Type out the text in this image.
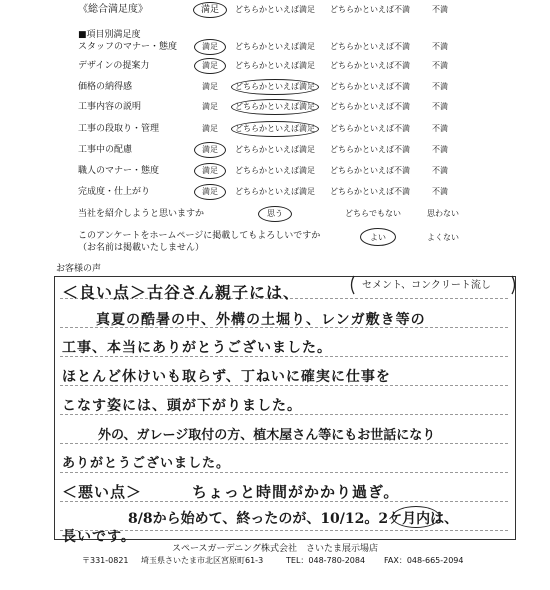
《総合満足度》	満足	どちらかといえば満足	どちらかといえば不満	不満
■項目別満足度
スタッフのマナー・態度	満足	どちらかといえば満足	どちらかといえば不満	不満
デザインの提案力	満足	どちらかといえば満足	どちらかといえば不満	不満
価格の納得感	満足	どちらかといえば満足	どちらかといえば不満	不満
工事内容の説明	満足	どちらかといえば満足	どちらかといえば不満	不満
工事の段取り・管理	満足	どちらかといえば満足	どちらかといえば不満	不満
工事中の配慮	満足	どちらかといえば満足	どちらかといえば不満	不満
職人のマナー・態度	満足	どちらかといえば満足	どちらかといえば不満	不満
完成度・仕上がり	満足	どちらかといえば満足	どちらかといえば不満	不満
当社を紹介しようと思いますか	思う	どちらでもない	思わない
このアンケートをホームページに掲載してもよろしいですか
（お名前は掲載いたしません）
よい	よくない
お客様の声
＜良い点＞古谷さん親子には、	セメント、コンクリート流し
真夏の酷暑の中、外構の土堀り、レンガ敷き等の
工事、本当にありがとうございました。
ほとんど休けいも取らず、丁ねいに確実に仕事を
こなす姿には、頭が下がりました。
外の、ガレージ取付の方、植木屋さん等にもお世話になり
ありがとうございました。
＜悪い点＞	ちょっと時間がかかり過ぎ。
8/8から始めて、終ったのが、10/12。2ケ月内は、
長いです。
スペースガーデニング株式会社　さいたま展示場店
〒331-0821 埼玉県さいたま市北区宮原町61-3	TEL：048-780-2084 FAX：048-665-2094
